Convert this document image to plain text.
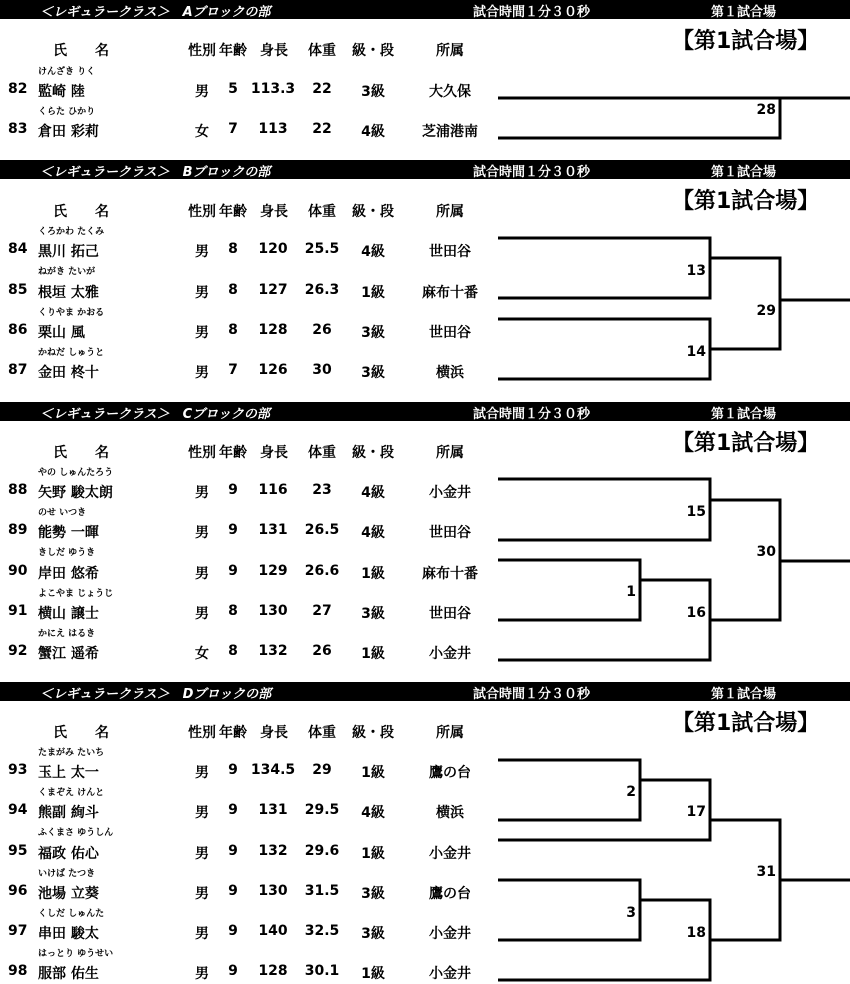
＜レギュラークラス＞　Aブロックの部	試合時間１分３０秒	第１試合場
【第1試合場】
氏　　名	性別 年齢 身長 体重 級・段	所属
けんざき りく
82 監崎 陸	男 5 113.3 22 3級	大久保
くらた ひかり
83 倉田 彩莉	女 7 113 22 4級	芝浦港南
＜レギュラークラス＞　Bブロックの部	試合時間１分３０秒	第１試合場
【第1試合場】
氏　　名	性別 年齢 身長 体重 級・段	所属
くろかわ たくみ
84 黒川 拓己	男 8 120 25.5 4級	世田谷
ねがき たいが
85 根垣 太雅	男 8 127 26.3 1級	麻布十番
くりやま かおる
86 栗山 風	男 8 128 26 3級	世田谷
かねだ しゅうと
87 金田 柊十	男 7 126 30 3級	横浜
＜レギュラークラス＞　Cブロックの部	試合時間１分３０秒	第１試合場
【第1試合場】
氏　　名	性別 年齢 身長 体重 級・段	所属
やの しゅんたろう
88 矢野 駿太朗	男 9 116 23 4級	小金井
のせ いつき
89 能勢 一暉	男 9 131 26.5 4級	世田谷
きしだ ゆうき
90 岸田 悠希	男 9 129 26.6 1級	麻布十番
よこやま じょうじ
91 横山 譲士	男 8 130 27 3級	世田谷
かにえ はるき
92 蟹江 遥希	女 8 132 26 1級	小金井
＜レギュラークラス＞　Dブロックの部	試合時間１分３０秒	第１試合場
【第1試合場】
氏　　名	性別 年齢 身長 体重 級・段	所属
たまがみ たいち
93 玉上 太一	男 9 134.5 29 1級	鷹の台
くまぞえ けんと
94 熊副 絢斗	男 9 131 29.5 4級	横浜
ふくまさ ゆうしん
95 福政 佑心	男 9 132 29.6 1級	小金井
いけば たつき
96 池場 立葵	男 9 130 31.5 3級	鷹の台
くしだ しゅんた
97 串田 駿太	男 9 140 32.5 3級	小金井
はっとり ゆうせい
98 服部 佑生	男 9 128 30.1 1級	小金井
28
13
14
29
15
1
16
30
2
17
3
18
31
